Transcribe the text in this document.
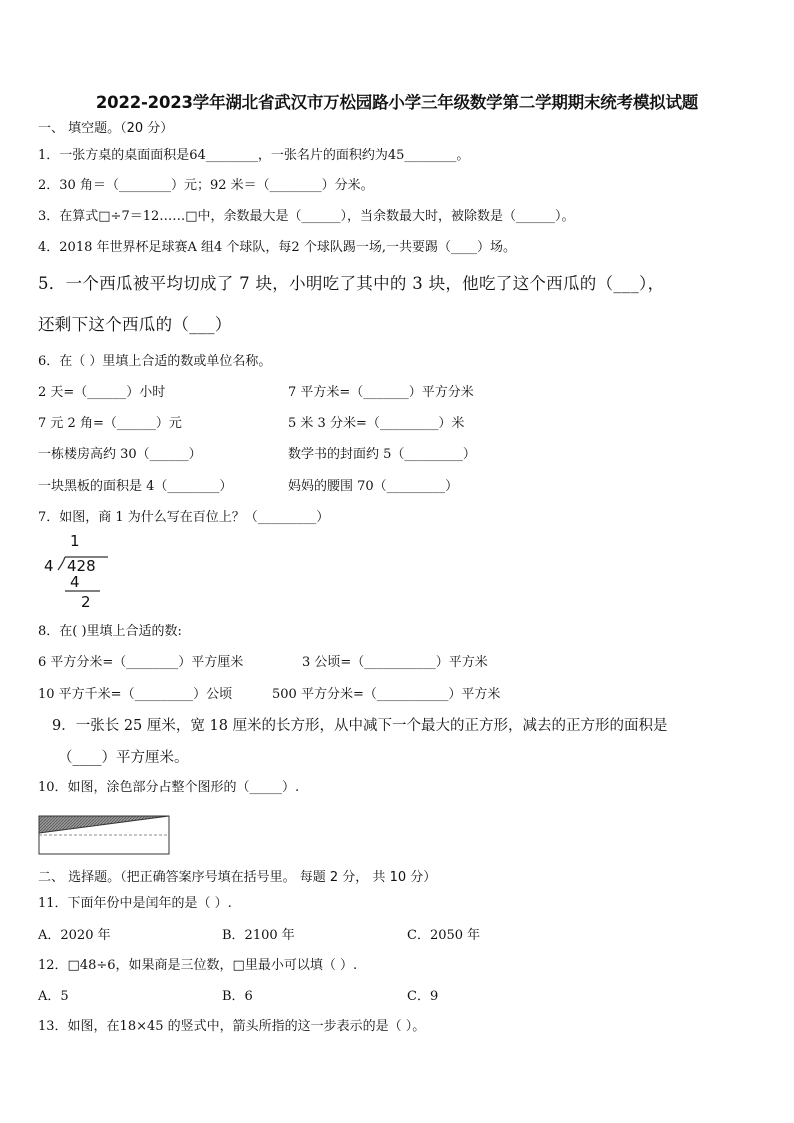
2022-2023学年湖北省武汉市万松园路小学三年级数学第二学期期末统考模拟试题
一、 填空题。（20 分）
1．一张方桌的桌面面积是64________，一张名片的面积约为45________。
2．30 角＝（________）元；92 米＝（________）分米。
3．在算式□÷7＝12……□中，余数最大是（______），当余数最大时，被除数是（______）。
4．2018 年世界杯足球赛A 组4 个球队，每2 个球队踢一场,一共要踢（____）场。
5．一个西瓜被平均切成了 7 块，小明吃了其中的 3 块，他吃了这个西瓜的（___），
还剩下这个西瓜的（___）
6．在（ ）里填上合适的数或单位名称。
2 天=（______）小时	7 平方米=（_______）平方分米
7 元 2 角=（______）元	5 米 3 分米=（_________）米
一栋楼房高约 30（______）	数学书的封面约 5（_________）
一块黑板的面积是 4（________）	妈妈的腰围 70（_________）
7．如图，商 1 为什么写在百位上？（_________）
1
4 428
4
2
8．在( )里填上合适的数:
6 平方分米=（________）平方厘米	3 公顷=（___________）平方米
10 平方千米=（_________）公顷	500 平方分米=（___________）平方米
9．一张长 25 厘米，宽 18 厘米的长方形，从中减下一个最大的正方形，减去的正方形的面积是
（____）平方厘米。
10．如图，涂色部分占整个图形的（_____）.
二、 选择题。（把正确答案序号填在括号里。 每题 2 分， 共 10 分）
11．下面年份中是闰年的是（ ）.
A．2020 年	B．2100 年	C．2050 年
12．□48÷6，如果商是三位数，□里最小可以填（ ）.
A．5	B．6	C．9
13．如图，在18×45 的竖式中，箭头所指的这一步表示的是（ ）。
